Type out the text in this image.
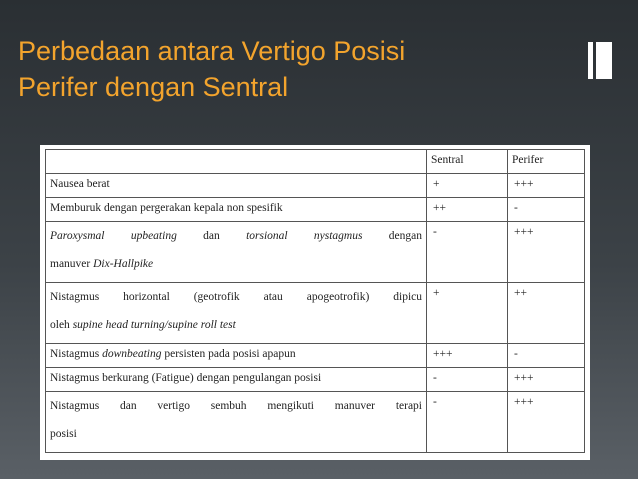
Perbedaan antara Vertigo Posisi
Perifer dengan Sentral
	Sentral	Perifer
Nausea berat	+	+++
Memburuk dengan pergerakan kepala non spesifik	++	-

Paroxysmal upbeating dan torsional nystagmus dengan
manuver Dix-Hallpike	-	+++

Nistagmus horizontal (geotrofik atau apogeotrofik) dipicu
oleh supine head turning/supine roll test	+	++
Nistagmus downbeating persisten pada posisi apapun	+++	-
Nistagmus berkurang (Fatigue) dengan pengulangan posisi	-	+++

Nistagmus dan vertigo sembuh mengikuti manuver terapi
posisi	-	+++
